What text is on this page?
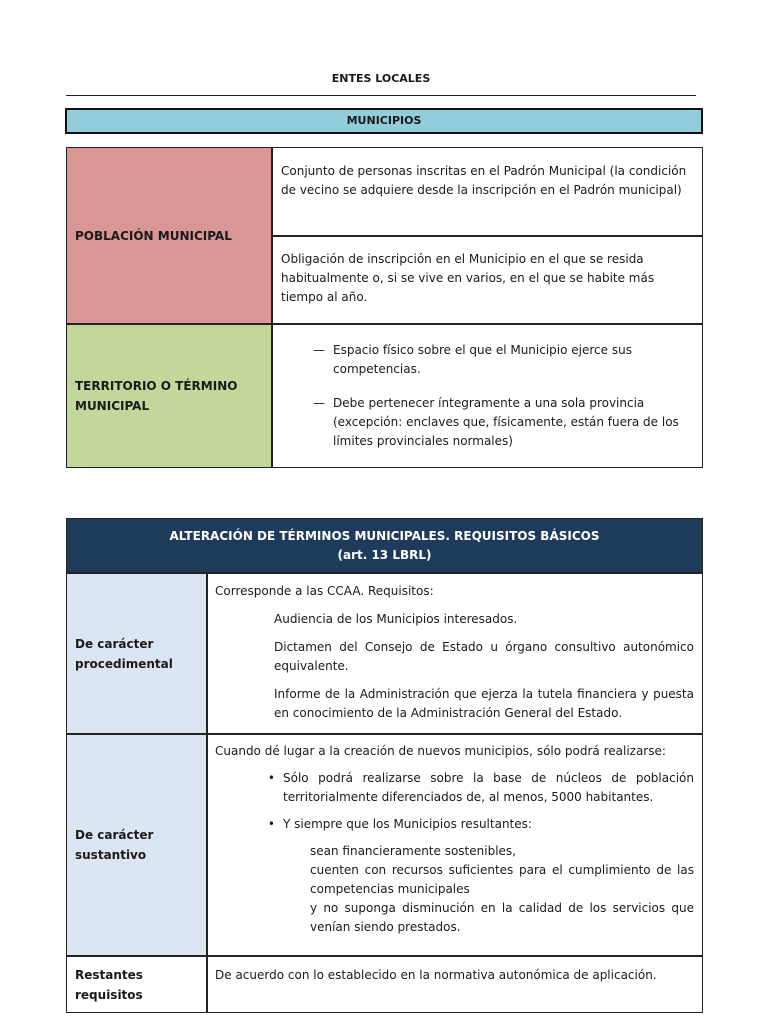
ENTES LOCALES
MUNICIPIOS
POBLACIÓN MUNICIPAL
Conjunto de personas inscritas en el Padrón Municipal (la condición de vecino se adquiere desde la inscripción en el Padrón municipal)
Obligación de inscripción en el Municipio en el que se resida habitualmente o, si se vive en varios, en el que se habite más tiempo al año.
TERRITORIO O TÉRMINO MUNICIPAL
— Espacio físico sobre el que el Municipio ejerce sus competencias.
— Debe pertenecer íntegramente a una sola provincia (excepción: enclaves que, físicamente, están fuera de los límites provinciales normales)
ALTERACIÓN DE TÉRMINOS MUNICIPALES. REQUISITOS BÁSICOS
(art. 13 LBRL)
De carácter procedimental
Corresponde a las CCAA. Requisitos:
Audiencia de los Municipios interesados.
Dictamen del Consejo de Estado u órgano consultivo autonómico equivalente.
Informe de la Administración que ejerza la tutela financiera y puesta en conocimiento de la Administración General del Estado.
De carácter sustantivo
Cuando dé lugar a la creación de nuevos municipios, sólo podrá realizarse:
• Sólo podrá realizarse sobre la base de núcleos de población territorialmente diferenciados de, al menos, 5000 habitantes.
• Y siempre que los Municipios resultantes:
sean financieramente sostenibles,
cuenten con recursos suficientes para el cumplimiento de las competencias municipales
y no suponga disminución en la calidad de los servicios que venían siendo prestados.
Restantes requisitos
De acuerdo con lo establecido en la normativa autonómica de aplicación.
